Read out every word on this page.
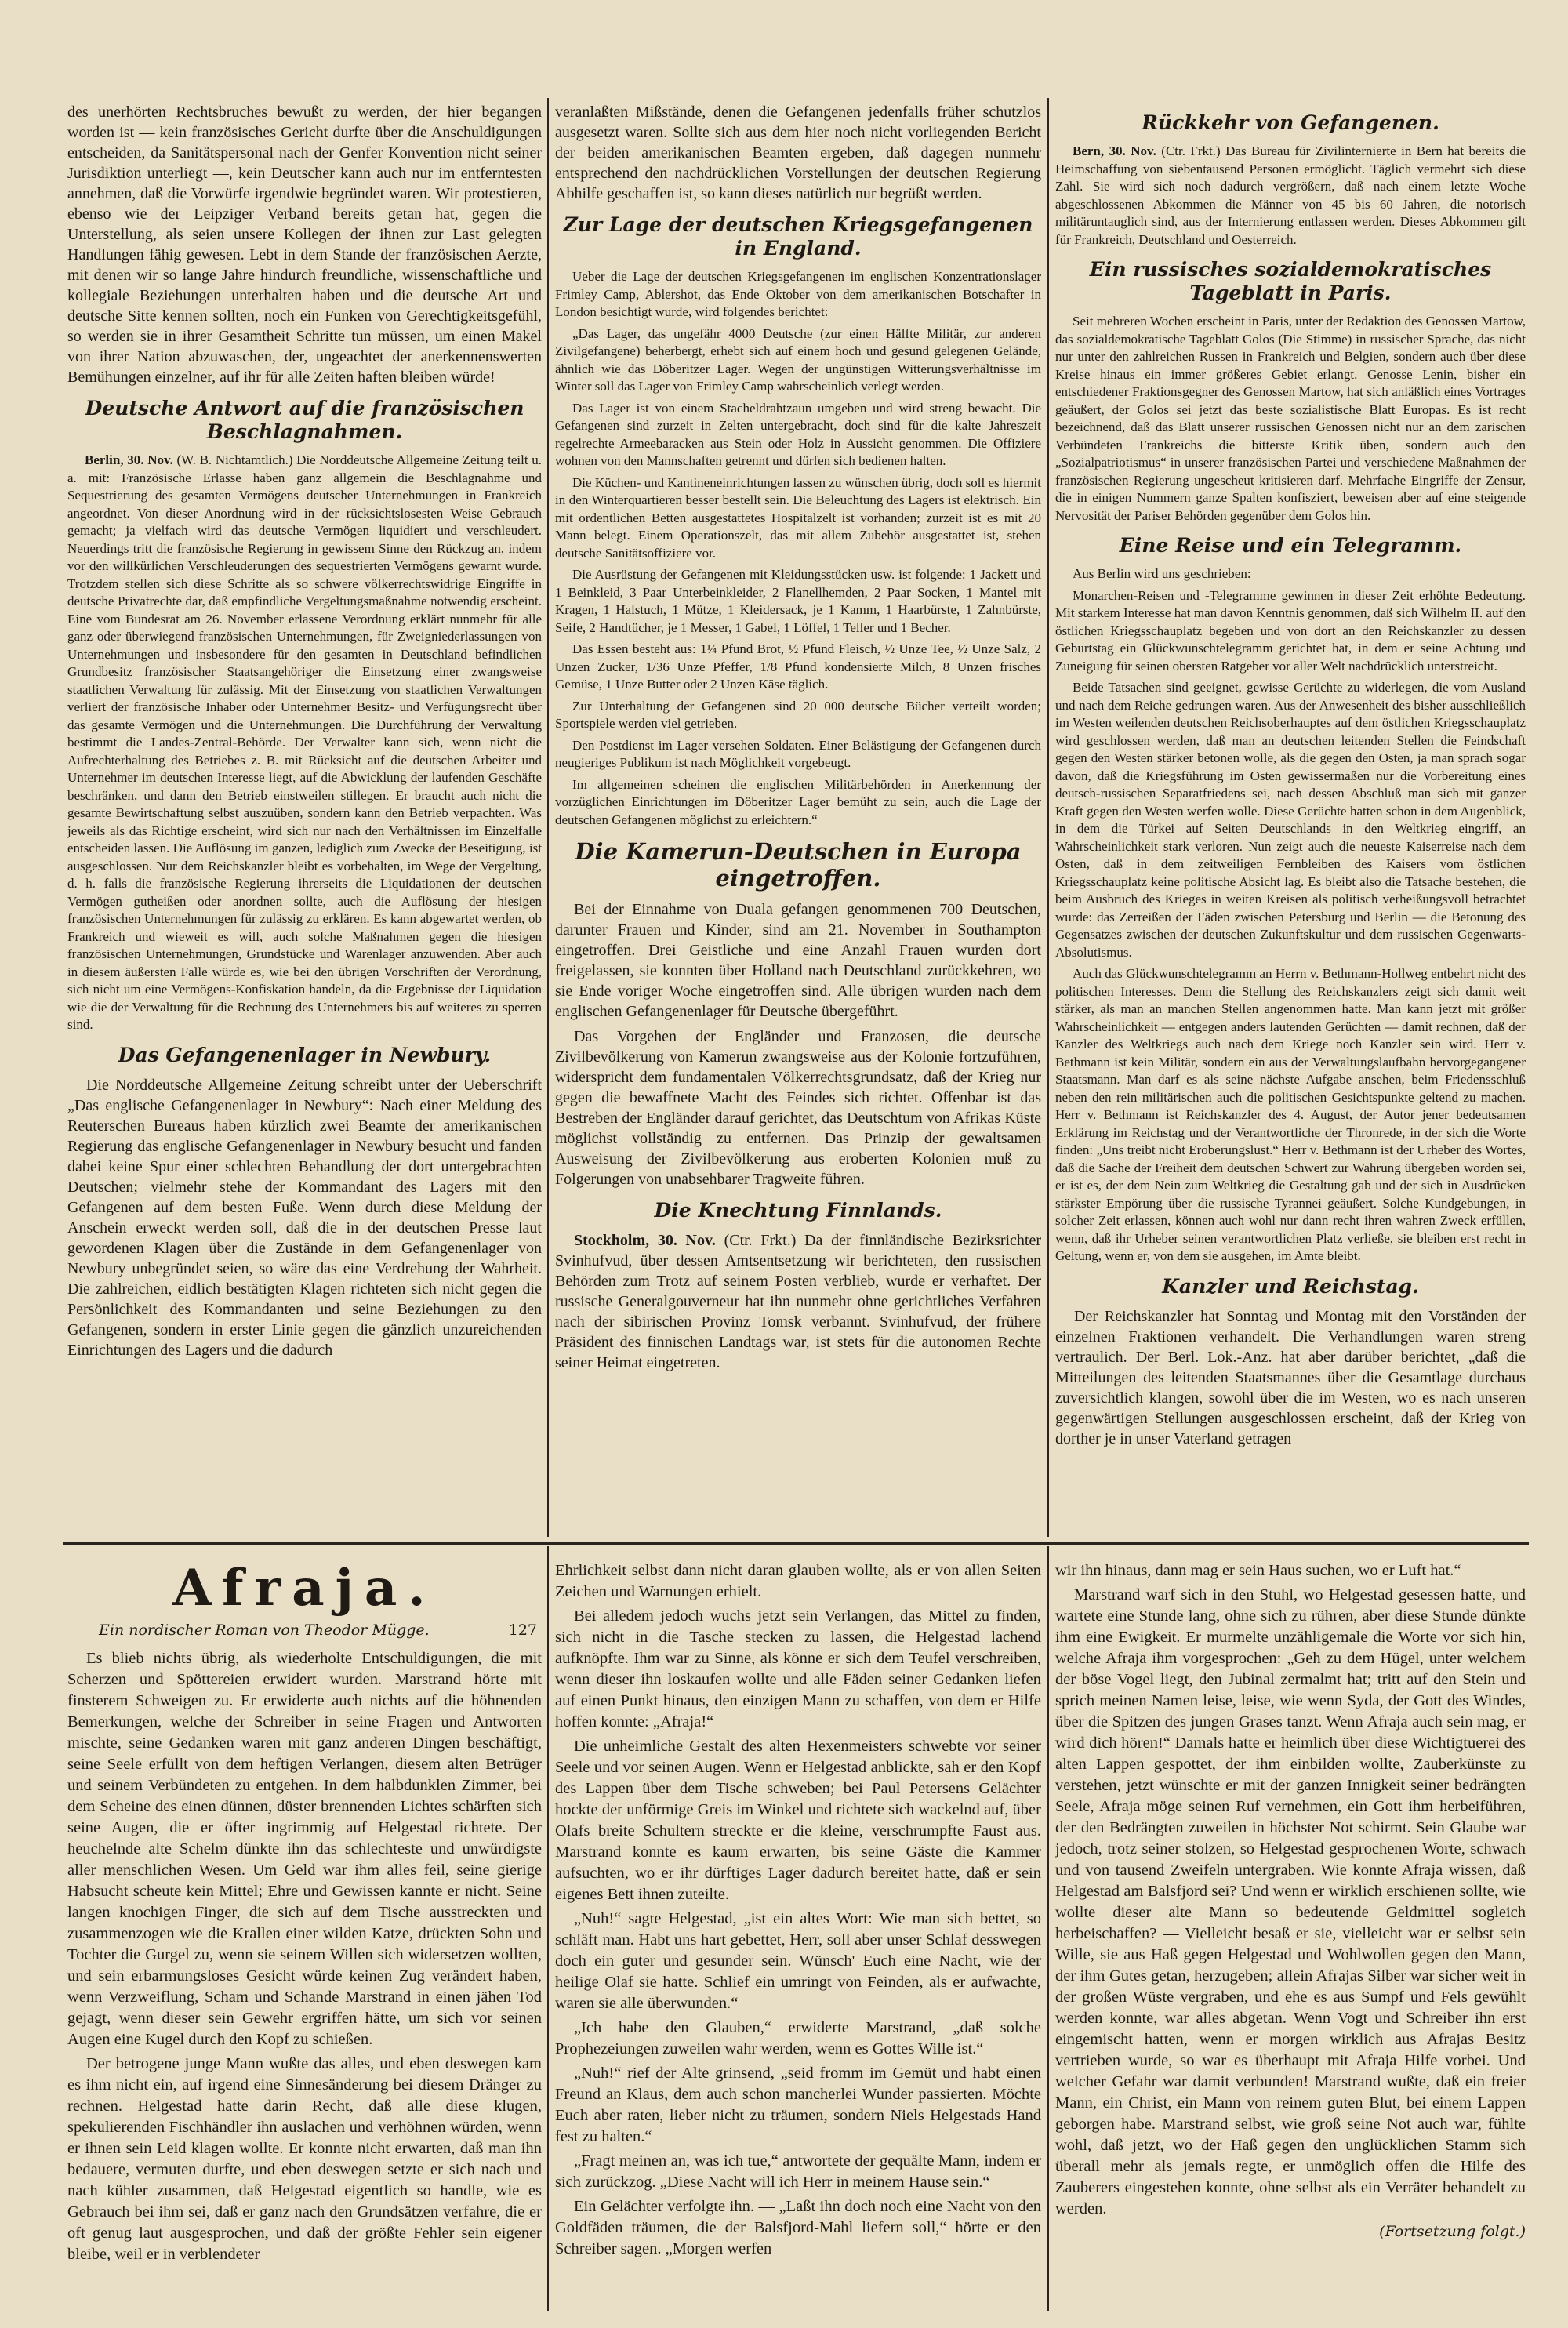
des unerhörten Rechtsbruches bewußt zu werden, der hier begangen worden ist — kein französisches Gericht durfte über die Anschuldigungen entscheiden, da Sanitätspersonal nach der Genfer Konvention nicht seiner Jurisdiktion unterliegt —, kein Deutscher kann auch nur im entferntesten annehmen, daß die Vorwürfe irgendwie begründet waren. Wir protestieren, ebenso wie der Leipziger Verband bereits getan hat, gegen die Unterstellung, als seien unsere Kollegen der ihnen zur Last gelegten Handlungen fähig gewesen. Lebt in dem Stande der französischen Aerzte, mit denen wir so lange Jahre hindurch freundliche, wissenschaftliche und kollegiale Beziehungen unterhalten haben und die deutsche Art und deutsche Sitte kennen sollten, noch ein Funken von Gerechtigkeitsgefühl, so werden sie in ihrer Gesamtheit Schritte tun müssen, um einen Makel von ihrer Nation abzuwaschen, der, ungeachtet der anerkennenswerten Bemühungen einzelner, auf ihr für alle Zeiten haften bleiben würde!

Deutsche Antwort auf die französischen Beschlagnahmen.

Berlin, 30. Nov. (W. B. Nichtamtlich.) Die Norddeutsche Allgemeine Zeitung teilt u. a. mit: Französische Erlasse haben ganz allgemein die Beschlagnahme und Sequestrierung des gesamten Vermögens deutscher Unternehmungen in Frankreich angeordnet. Von dieser Anordnung wird in der rücksichtslosesten Weise Gebrauch gemacht; ja vielfach wird das deutsche Vermögen liquidiert und verschleudert. Neuerdings tritt die französische Regierung in gewissem Sinne den Rückzug an, indem vor den willkürlichen Verschleuderungen des sequestrierten Vermögens gewarnt wurde. Trotzdem stellen sich diese Schritte als so schwere völkerrechtswidrige Eingriffe in deutsche Privatrechte dar, daß empfindliche Vergeltungsmaßnahme notwendig erscheint. Eine vom Bundesrat am 26. November erlassene Verordnung erklärt nunmehr für alle ganz oder überwiegend französischen Unternehmungen, für Zweigniederlassungen von Unternehmungen und insbesondere für den gesamten in Deutschland befindlichen Grundbesitz französischer Staatsangehöriger die Einsetzung einer zwangsweise staatlichen Verwaltung für zulässig. Mit der Einsetzung von staatlichen Verwaltungen verliert der französische Inhaber oder Unternehmer Besitz- und Verfügungsrecht über das gesamte Vermögen und die Unternehmungen. Die Durchführung der Verwaltung bestimmt die Landes-Zentral-Behörde. Der Verwalter kann sich, wenn nicht die Aufrechterhaltung des Betriebes z. B. mit Rücksicht auf die deutschen Arbeiter und Unternehmer im deutschen Interesse liegt, auf die Abwicklung der laufenden Geschäfte beschränken, und dann den Betrieb einstweilen stillegen. Er braucht auch nicht die gesamte Bewirtschaftung selbst auszuüben, sondern kann den Betrieb verpachten. Was jeweils als das Richtige erscheint, wird sich nur nach den Verhältnissen im Einzelfalle entscheiden lassen. Die Auflösung im ganzen, lediglich zum Zwecke der Beseitigung, ist ausgeschlossen. Nur dem Reichskanzler bleibt es vorbehalten, im Wege der Vergeltung, d. h. falls die französische Regierung ihrerseits die Liquidationen der deutschen Vermögen gutheißen oder anordnen sollte, auch die Auflösung der hiesigen französischen Unternehmungen für zulässig zu erklären. Es kann abgewartet werden, ob Frankreich und wieweit es will, auch solche Maßnahmen gegen die hiesigen französischen Unternehmungen, Grundstücke und Warenlager anzuwenden. Aber auch in diesem äußersten Falle würde es, wie bei den übrigen Vorschriften der Verordnung, sich nicht um eine Vermögens-Konfiskation handeln, da die Ergebnisse der Liquidation wie die der Verwaltung für die Rechnung des Unternehmers bis auf weiteres zu sperren sind.

Das Gefangenenlager in Newbury.

Die Norddeutsche Allgemeine Zeitung schreibt unter der Ueberschrift „Das englische Gefangenenlager in Newbury“: Nach einer Meldung des Reuterschen Bureaus haben kürzlich zwei Beamte der amerikanischen Regierung das englische Gefangenenlager in Newbury besucht und fanden dabei keine Spur einer schlechten Behandlung der dort untergebrachten Deutschen; vielmehr stehe der Kommandant des Lagers mit den Gefangenen auf dem besten Fuße. Wenn durch diese Meldung der Anschein erweckt werden soll, daß die in der deutschen Presse laut gewordenen Klagen über die Zustände in dem Gefangenenlager von Newbury unbegründet seien, so wäre das eine Verdrehung der Wahrheit. Die zahlreichen, eidlich bestätigten Klagen richteten sich nicht gegen die Persönlichkeit des Kommandanten und seine Beziehungen zu den Gefangenen, sondern in erster Linie gegen die gänzlich unzureichenden Einrichtungen des Lagers und die dadurch

veranlaßten Mißstände, denen die Gefangenen jedenfalls früher schutzlos ausgesetzt waren. Sollte sich aus dem hier noch nicht vorliegenden Bericht der beiden amerikanischen Beamten ergeben, daß dagegen nunmehr entsprechend den nachdrücklichen Vorstellungen der deutschen Regierung Abhilfe geschaffen ist, so kann dieses natürlich nur begrüßt werden.

Zur Lage der deutschen Kriegsgefangenen in England.

Ueber die Lage der deutschen Kriegsgefangenen im englischen Konzentrationslager Frimley Camp, Ablershot, das Ende Oktober von dem amerikanischen Botschafter in London besichtigt wurde, wird folgendes berichtet:

„Das Lager, das ungefähr 4000 Deutsche (zur einen Hälfte Militär, zur anderen Zivilgefangene) beherbergt, erhebt sich auf einem hoch und gesund gelegenen Gelände, ähnlich wie das Döberitzer Lager. Wegen der ungünstigen Witterungsverhältnisse im Winter soll das Lager von Frimley Camp wahrscheinlich verlegt werden.

Das Lager ist von einem Stacheldrahtzaun umgeben und wird streng bewacht. Die Gefangenen sind zurzeit in Zelten untergebracht, doch sind für die kalte Jahreszeit regelrechte Armeebaracken aus Stein oder Holz in Aussicht genommen. Die Offiziere wohnen von den Mannschaften getrennt und dürfen sich bedienen halten.

Die Küchen- und Kantineneinrichtungen lassen zu wünschen übrig, doch soll es hiermit in den Winterquartieren besser bestellt sein. Die Beleuchtung des Lagers ist elektrisch. Ein mit ordentlichen Betten ausgestattetes Hospitalzelt ist vorhanden; zurzeit ist es mit 20 Mann belegt. Einem Operationszelt, das mit allem Zubehör ausgestattet ist, stehen deutsche Sanitätsoffiziere vor.

Die Ausrüstung der Gefangenen mit Kleidungsstücken usw. ist folgende: 1 Jackett und 1 Beinkleid, 3 Paar Unterbeinkleider, 2 Flanellhemden, 2 Paar Socken, 1 Mantel mit Kragen, 1 Halstuch, 1 Mütze, 1 Kleidersack, je 1 Kamm, 1 Haarbürste, 1 Zahnbürste, Seife, 2 Handtücher, je 1 Messer, 1 Gabel, 1 Löffel, 1 Teller und 1 Becher.

Das Essen besteht aus: 1¼ Pfund Brot, ½ Pfund Fleisch, ½ Unze Tee, ½ Unze Salz, 2 Unzen Zucker, 1/36 Unze Pfeffer, 1/8 Pfund kondensierte Milch, 8 Unzen frisches Gemüse, 1 Unze Butter oder 2 Unzen Käse täglich.

Zur Unterhaltung der Gefangenen sind 20 000 deutsche Bücher verteilt worden; Sportspiele werden viel getrieben.

Den Postdienst im Lager versehen Soldaten. Einer Belästigung der Gefangenen durch neugieriges Publikum ist nach Möglichkeit vorgebeugt.

Im allgemeinen scheinen die englischen Militärbehörden in Anerkennung der vorzüglichen Einrichtungen im Döberitzer Lager bemüht zu sein, auch die Lage der deutschen Gefangenen möglichst zu erleichtern.“

Die Kamerun-Deutschen in Europa eingetroffen.

Bei der Einnahme von Duala gefangen genommenen 700 Deutschen, darunter Frauen und Kinder, sind am 21. November in Southampton eingetroffen. Drei Geistliche und eine Anzahl Frauen wurden dort freigelassen, sie konnten über Holland nach Deutschland zurückkehren, wo sie Ende voriger Woche eingetroffen sind. Alle übrigen wurden nach dem englischen Gefangenenlager für Deutsche übergeführt.

Das Vorgehen der Engländer und Franzosen, die deutsche Zivilbevölkerung von Kamerun zwangsweise aus der Kolonie fortzuführen, widerspricht dem fundamentalen Völkerrechtsgrundsatz, daß der Krieg nur gegen die bewaffnete Macht des Feindes sich richtet. Offenbar ist das Bestreben der Engländer darauf gerichtet, das Deutschtum von Afrikas Küste möglichst vollständig zu entfernen. Das Prinzip der gewaltsamen Ausweisung der Zivilbevölkerung aus eroberten Kolonien muß zu Folgerungen von unabsehbarer Tragweite führen.

Die Knechtung Finnlands.

Stockholm, 30. Nov. (Ctr. Frkt.) Da der finnländische Bezirksrichter Svinhufvud, über dessen Amtsentsetzung wir berichteten, den russischen Behörden zum Trotz auf seinem Posten verblieb, wurde er verhaftet. Der russische Generalgouverneur hat ihn nunmehr ohne gerichtliches Verfahren nach der sibirischen Provinz Tomsk verbannt. Svinhufvud, der frühere Präsident des finnischen Landtags war, ist stets für die autonomen Rechte seiner Heimat eingetreten.

Rückkehr von Gefangenen.

Bern, 30. Nov. (Ctr. Frkt.) Das Bureau für Zivilinternierte in Bern hat bereits die Heimschaffung von siebentausend Personen ermöglicht. Täglich vermehrt sich diese Zahl. Sie wird sich noch dadurch vergrößern, daß nach einem letzte Woche abgeschlossenen Abkommen die Männer von 45 bis 60 Jahren, die notorisch militäruntauglich sind, aus der Internierung entlassen werden. Dieses Abkommen gilt für Frankreich, Deutschland und Oesterreich.

Ein russisches sozialdemokratisches Tageblatt in Paris.

Seit mehreren Wochen erscheint in Paris, unter der Redaktion des Genossen Martow, das sozialdemokratische Tageblatt Golos (Die Stimme) in russischer Sprache, das nicht nur unter den zahlreichen Russen in Frankreich und Belgien, sondern auch über diese Kreise hinaus ein immer größeres Gebiet erlangt. Genosse Lenin, bisher ein entschiedener Fraktionsgegner des Genossen Martow, hat sich anläßlich eines Vortrages geäußert, der Golos sei jetzt das beste sozialistische Blatt Europas. Es ist recht bezeichnend, daß das Blatt unserer russischen Genossen nicht nur an dem zarischen Verbündeten Frankreichs die bitterste Kritik üben, sondern auch den „Sozialpatriotismus“ in unserer französischen Partei und verschiedene Maßnahmen der französischen Regierung ungescheut kritisieren darf. Mehrfache Eingriffe der Zensur, die in einigen Nummern ganze Spalten konfisziert, beweisen aber auf eine steigende Nervosität der Pariser Behörden gegenüber dem Golos hin.

Eine Reise und ein Telegramm.

Aus Berlin wird uns geschrieben:

Monarchen-Reisen und -Telegramme gewinnen in dieser Zeit erhöhte Bedeutung. Mit starkem Interesse hat man davon Kenntnis genommen, daß sich Wilhelm II. auf den östlichen Kriegsschauplatz begeben und von dort an den Reichskanzler zu dessen Geburtstag ein Glückwunschtelegramm gerichtet hat, in dem er seine Achtung und Zuneigung für seinen obersten Ratgeber vor aller Welt nachdrücklich unterstreicht.

Beide Tatsachen sind geeignet, gewisse Gerüchte zu widerlegen, die vom Ausland und nach dem Reiche gedrungen waren. Aus der Anwesenheit des bisher ausschließlich im Westen weilenden deutschen Reichsoberhauptes auf dem östlichen Kriegsschauplatz wird geschlossen werden, daß man an deutschen leitenden Stellen die Feindschaft gegen den Westen stärker betonen wolle, als die gegen den Osten, ja man sprach sogar davon, daß die Kriegsführung im Osten gewissermaßen nur die Vorbereitung eines deutsch-russischen Separatfriedens sei, nach dessen Abschluß man sich mit ganzer Kraft gegen den Westen werfen wolle. Diese Gerüchte hatten schon in dem Augenblick, in dem die Türkei auf Seiten Deutschlands in den Weltkrieg eingriff, an Wahrscheinlichkeit stark verloren. Nun zeigt auch die neueste Kaiserreise nach dem Osten, daß in dem zeitweiligen Fernbleiben des Kaisers vom östlichen Kriegsschauplatz keine politische Absicht lag. Es bleibt also die Tatsache bestehen, die beim Ausbruch des Krieges in weiten Kreisen als politisch verheißungsvoll betrachtet wurde: das Zerreißen der Fäden zwischen Petersburg und Berlin — die Betonung des Gegensatzes zwischen der deutschen Zukunftskultur und dem russischen Gegenwarts-Absolutismus.

Auch das Glückwunschtelegramm an Herrn v. Bethmann-Hollweg entbehrt nicht des politischen Interesses. Denn die Stellung des Reichskanzlers zeigt sich damit weit stärker, als man an manchen Stellen angenommen hatte. Man kann jetzt mit größer Wahrscheinlichkeit — entgegen anders lautenden Gerüchten — damit rechnen, daß der Kanzler des Weltkriegs auch nach dem Kriege noch Kanzler sein wird. Herr v. Bethmann ist kein Militär, sondern ein aus der Verwaltungslaufbahn hervorgegangener Staatsmann. Man darf es als seine nächste Aufgabe ansehen, beim Friedensschluß neben den rein militärischen auch die politischen Gesichtspunkte geltend zu machen. Herr v. Bethmann ist Reichskanzler des 4. August, der Autor jener bedeutsamen Erklärung im Reichstag und der Verantwortliche der Thronrede, in der sich die Worte finden: „Uns treibt nicht Eroberungslust.“ Herr v. Bethmann ist der Urheber des Wortes, daß die Sache der Freiheit dem deutschen Schwert zur Wahrung übergeben worden sei, er ist es, der dem Nein zum Weltkrieg die Gestaltung gab und der sich in Ausdrücken stärkster Empörung über die russische Tyrannei geäußert. Solche Kundgebungen, in solcher Zeit erlassen, können auch wohl nur dann recht ihren wahren Zweck erfüllen, wenn, daß ihr Urheber seinen verantwortlichen Platz verließe, sie bleiben erst recht in Geltung, wenn er, von dem sie ausgehen, im Amte bleibt.

Kanzler und Reichstag.

Der Reichskanzler hat Sonntag und Montag mit den Vorständen der einzelnen Fraktionen verhandelt. Die Verhandlungen waren streng vertraulich. Der Berl. Lok.-Anz. hat aber darüber berichtet, „daß die Mitteilungen des leitenden Staatsmannes über die Gesamtlage durchaus zuversichtlich klangen, sowohl über die im Westen, wo es nach unseren gegenwärtigen Stellungen ausgeschlossen erscheint, daß der Krieg von dorther je in unser Vaterland getragen

Afraja.
Ein nordischer Roman von Theodor Mügge.	127

Es blieb nichts übrig, als wiederholte Entschuldigungen, die mit Scherzen und Spöttereien erwidert wurden. Marstrand hörte mit finsterem Schweigen zu. Er erwiderte auch nichts auf die höhnenden Bemerkungen, welche der Schreiber in seine Fragen und Antworten mischte, seine Gedanken waren mit ganz anderen Dingen beschäftigt, seine Seele erfüllt von dem heftigen Verlangen, diesem alten Betrüger und seinem Verbündeten zu entgehen. In dem halbdunklen Zimmer, bei dem Scheine des einen dünnen, düster brennenden Lichtes schärften sich seine Augen, die er öfter ingrimmig auf Helgestad richtete. Der heuchelnde alte Schelm dünkte ihn das schlechteste und unwürdigste aller menschlichen Wesen. Um Geld war ihm alles feil, seine gierige Habsucht scheute kein Mittel; Ehre und Gewissen kannte er nicht. Seine langen knochigen Finger, die sich auf dem Tische ausstreckten und zusammenzogen wie die Krallen einer wilden Katze, drückten Sohn und Tochter die Gurgel zu, wenn sie seinem Willen sich widersetzen wollten, und sein erbarmungsloses Gesicht würde keinen Zug verändert haben, wenn Verzweiflung, Scham und Schande Marstrand in einen jähen Tod gejagt, wenn dieser sein Gewehr ergriffen hätte, um sich vor seinen Augen eine Kugel durch den Kopf zu schießen.

Der betrogene junge Mann wußte das alles, und eben deswegen kam es ihm nicht ein, auf irgend eine Sinnesänderung bei diesem Dränger zu rechnen. Helgestad hatte darin Recht, daß alle diese klugen, spekulierenden Fischhändler ihn auslachen und verhöhnen würden, wenn er ihnen sein Leid klagen wollte. Er konnte nicht erwarten, daß man ihn bedauere, vermuten durfte, und eben deswegen setzte er sich nach und nach kühler zusammen, daß Helgestad eigentlich so handle, wie es Gebrauch bei ihm sei, daß er ganz nach den Grundsätzen verfahre, die er oft genug laut ausgesprochen, und daß der größte Fehler sein eigener bleibe, weil er in verblendeter

Ehrlichkeit selbst dann nicht daran glauben wollte, als er von allen Seiten Zeichen und Warnungen erhielt.

Bei alledem jedoch wuchs jetzt sein Verlangen, das Mittel zu finden, sich nicht in die Tasche stecken zu lassen, die Helgestad lachend aufknöpfte. Ihm war zu Sinne, als könne er sich dem Teufel verschreiben, wenn dieser ihn loskaufen wollte und alle Fäden seiner Gedanken liefen auf einen Punkt hinaus, den einzigen Mann zu schaffen, von dem er Hilfe hoffen konnte: „Afraja!“

Die unheimliche Gestalt des alten Hexenmeisters schwebte vor seiner Seele und vor seinen Augen. Wenn er Helgestad anblickte, sah er den Kopf des Lappen über dem Tische schweben; bei Paul Petersens Gelächter hockte der unförmige Greis im Winkel und richtete sich wackelnd auf, über Olafs breite Schultern streckte er die kleine, verschrumpfte Faust aus. Marstrand konnte es kaum erwarten, bis seine Gäste die Kammer aufsuchten, wo er ihr dürftiges Lager dadurch bereitet hatte, daß er sein eigenes Bett ihnen zuteilte.

„Nuh!“ sagte Helgestad, „ist ein altes Wort: Wie man sich bettet, so schläft man. Habt uns hart gebettet, Herr, soll aber unser Schlaf desswegen doch ein guter und gesunder sein. Wünsch' Euch eine Nacht, wie der heilige Olaf sie hatte. Schlief ein umringt von Feinden, als er aufwachte, waren sie alle überwunden.“

„Ich habe den Glauben,“ erwiderte Marstrand, „daß solche Prophezeiungen zuweilen wahr werden, wenn es Gottes Wille ist.“

„Nuh!“ rief der Alte grinsend, „seid fromm im Gemüt und habt einen Freund an Klaus, dem auch schon mancherlei Wunder passierten. Möchte Euch aber raten, lieber nicht zu träumen, sondern Niels Helgestads Hand fest zu halten.“

„Fragt meinen an, was ich tue,“ antwortete der gequälte Mann, indem er sich zurückzog. „Diese Nacht will ich Herr in meinem Hause sein.“

Ein Gelächter verfolgte ihn. — „Laßt ihn doch noch eine Nacht von den Goldfäden träumen, die der Balsfjord-Mahl liefern soll,“ hörte er den Schreiber sagen. „Morgen werfen

wir ihn hinaus, dann mag er sein Haus suchen, wo er Luft hat.“

Marstrand warf sich in den Stuhl, wo Helgestad gesessen hatte, und wartete eine Stunde lang, ohne sich zu rühren, aber diese Stunde dünkte ihm eine Ewigkeit. Er murmelte unzähligemale die Worte vor sich hin, welche Afraja ihm vorgesprochen: „Geh zu dem Hügel, unter welchem der böse Vogel liegt, den Jubinal zermalmt hat; tritt auf den Stein und sprich meinen Namen leise, leise, wie wenn Syda, der Gott des Windes, über die Spitzen des jungen Grases tanzt. Wenn Afraja auch sein mag, er wird dich hören!“ Damals hatte er heimlich über diese Wichtigtuerei des alten Lappen gespottet, der ihm einbilden wollte, Zauberkünste zu verstehen, jetzt wünschte er mit der ganzen Innigkeit seiner bedrängten Seele, Afraja möge seinen Ruf vernehmen, ein Gott ihm herbeiführen, der den Bedrängten zuweilen in höchster Not schirmt. Sein Glaube war jedoch, trotz seiner stolzen, so Helgestad gesprochenen Worte, schwach und von tausend Zweifeln untergraben. Wie konnte Afraja wissen, daß Helgestad am Balsfjord sei? Und wenn er wirklich erschienen sollte, wie wollte dieser alte Mann so bedeutende Geldmittel sogleich herbeischaffen? — Vielleicht besaß er sie, vielleicht war er selbst sein Wille, sie aus Haß gegen Helgestad und Wohlwollen gegen den Mann, der ihm Gutes getan, herzugeben; allein Afrajas Silber war sicher weit in der großen Wüste vergraben, und ehe es aus Sumpf und Fels gewühlt werden konnte, war alles abgetan. Wenn Vogt und Schreiber ihn erst eingemischt hatten, wenn er morgen wirklich aus Afrajas Besitz vertrieben wurde, so war es überhaupt mit Afraja Hilfe vorbei. Und welcher Gefahr war damit verbunden! Marstrand wußte, daß ein freier Mann, ein Christ, ein Mann von reinem guten Blut, bei einem Lappen geborgen habe. Marstrand selbst, wie groß seine Not auch war, fühlte wohl, daß jetzt, wo der Haß gegen den unglücklichen Stamm sich überall mehr als jemals regte, er unmöglich offen die Hilfe des Zauberers eingestehen konnte, ohne selbst als ein Verräter behandelt zu werden.

(Fortsetzung folgt.)
